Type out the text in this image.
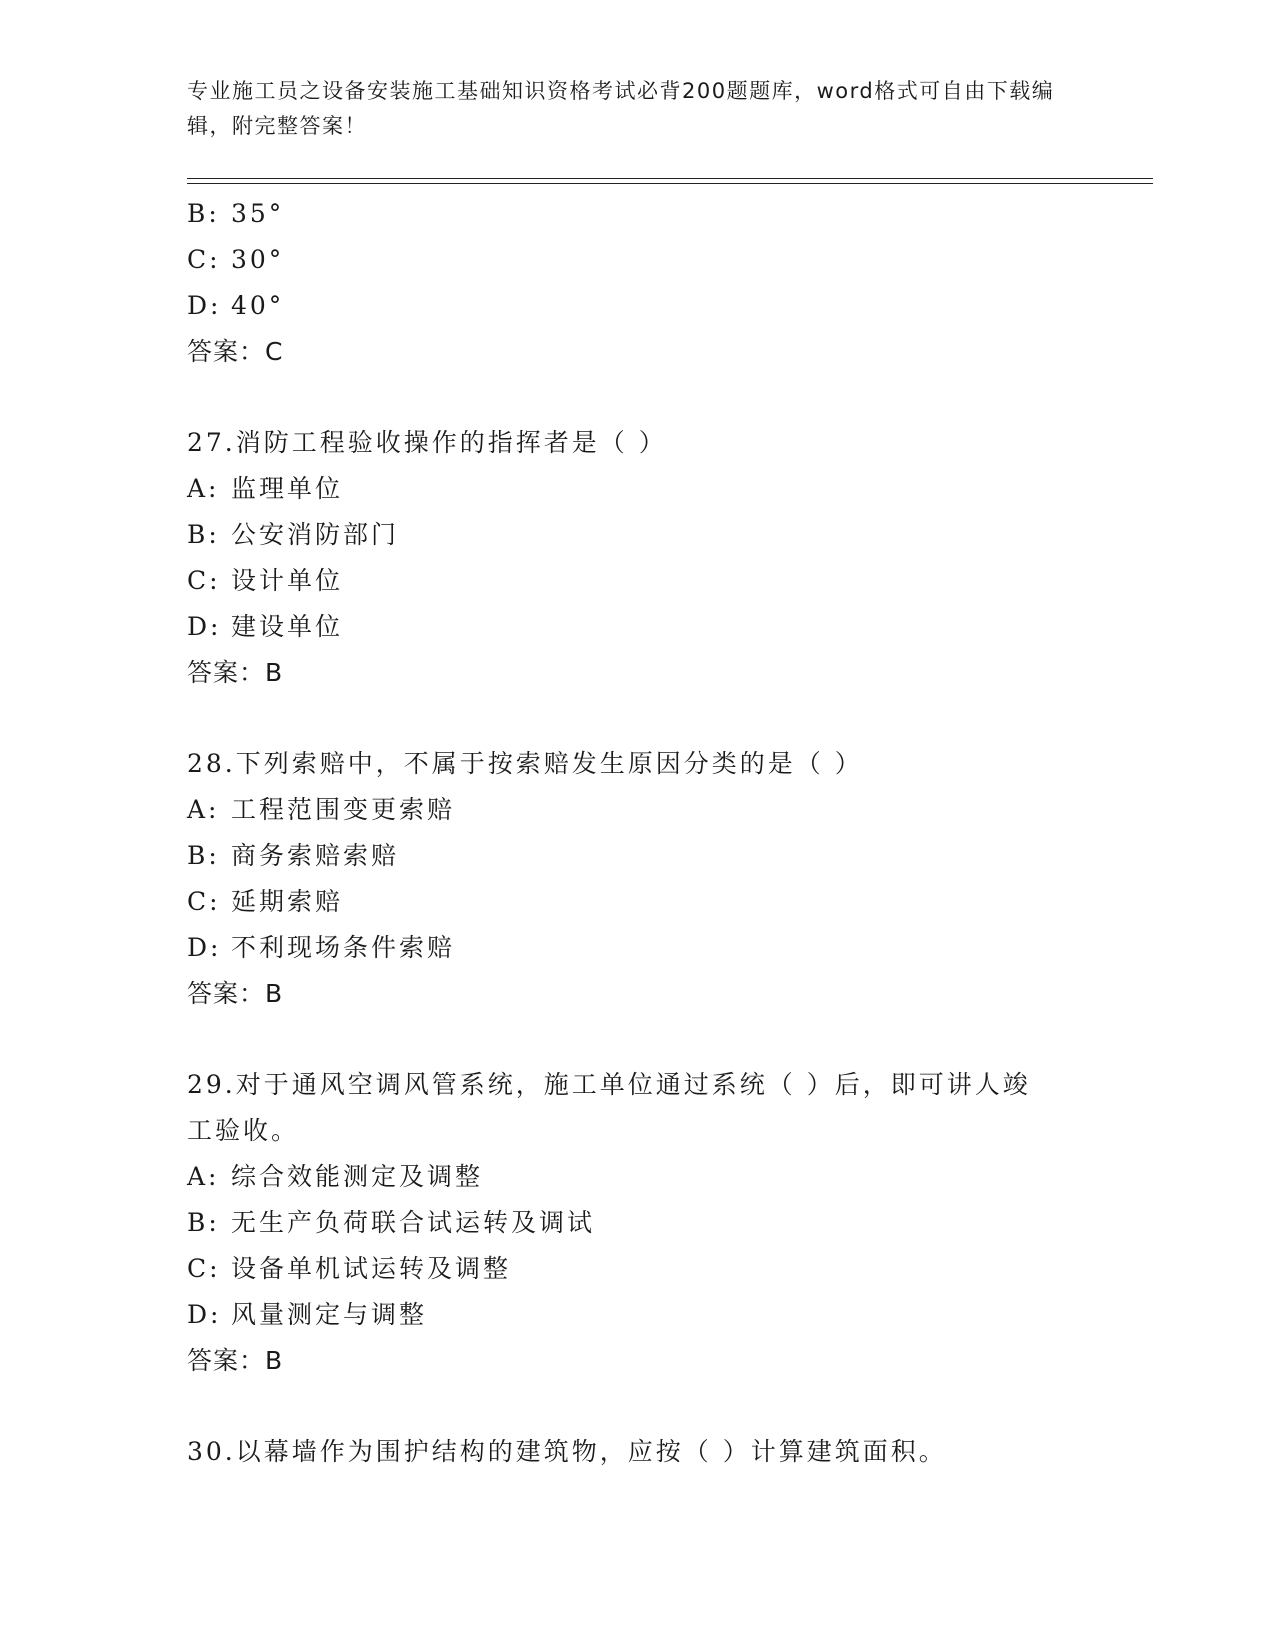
专业施工员之设备安装施工基础知识资格考试必背200题题库，word格式可自由下载编辑，附完整答案！
B: 35°
C: 30°
D: 40°
答案：C
27.消防工程验收操作的指挥者是（ ）
A: 监理单位
B: 公安消防部门
C: 设计单位
D: 建设单位
答案：B
28.下列索赔中，不属于按索赔发生原因分类的是（ ）
A: 工程范围变更索赔
B: 商务索赔索赔
C: 延期索赔
D: 不利现场条件索赔
答案：B
29.对于通风空调风管系统，施工单位通过系统（ ）后，即可讲人竣工验收。
A: 综合效能测定及调整
B: 无生产负荷联合试运转及调试
C: 设备单机试运转及调整
D: 风量测定与调整
答案：B
30.以幕墙作为围护结构的建筑物，应按（ ）计算建筑面积。
